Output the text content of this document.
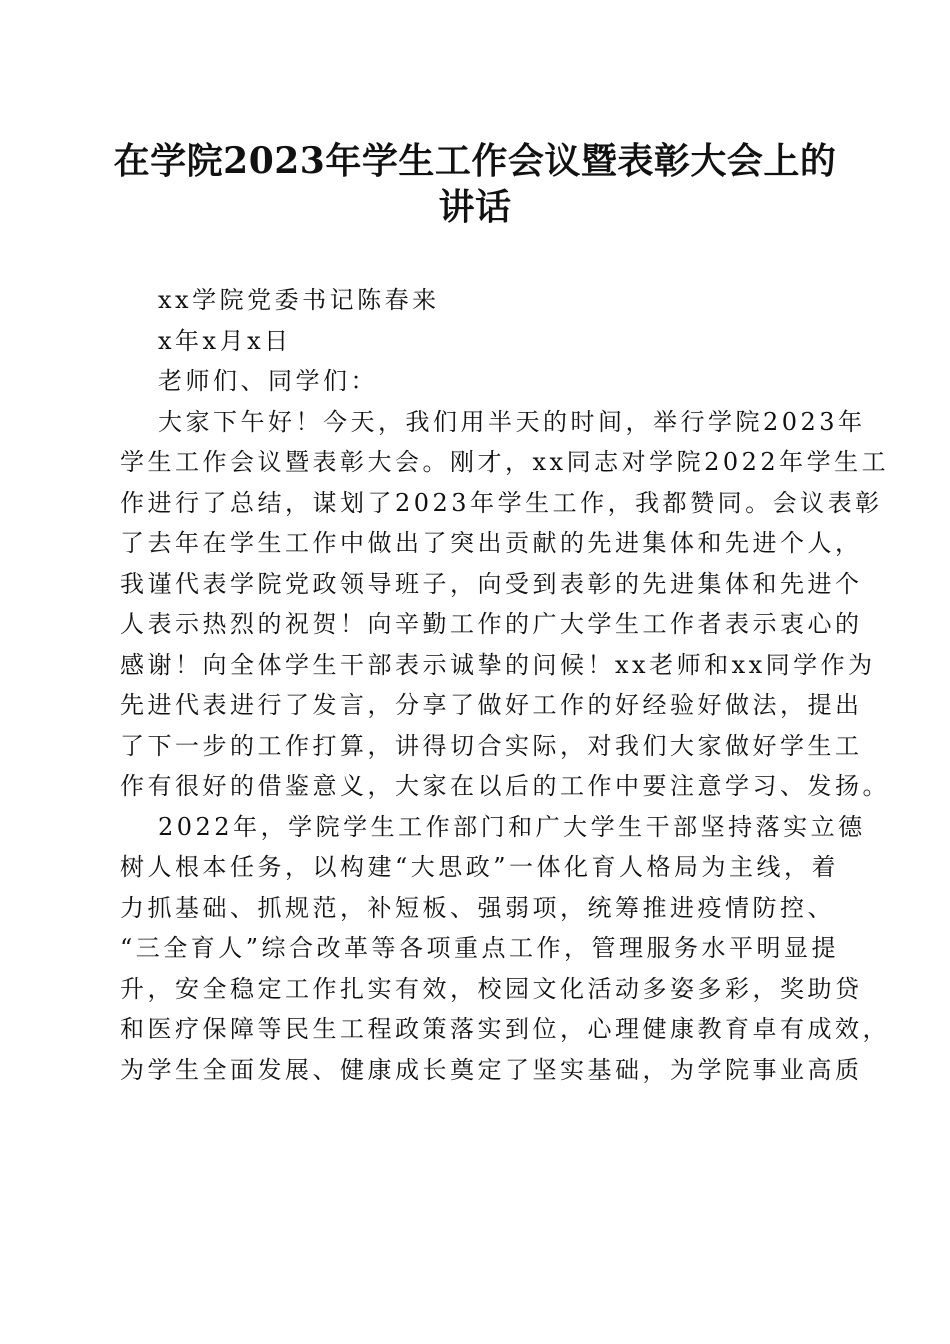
在学院2023年学生工作会议暨表彰大会上的
讲话
xx学院党委书记陈春来
x年x月x日
老师们、同学们：
大家下午好！今天，我们用半天的时间，举行学院2023年
学生工作会议暨表彰大会。刚才，xx同志对学院2022年学生工
作进行了总结，谋划了2023年学生工作，我都赞同。会议表彰
了去年在学生工作中做出了突出贡献的先进集体和先进个人，
我谨代表学院党政领导班子，向受到表彰的先进集体和先进个
人表示热烈的祝贺！向辛勤工作的广大学生工作者表示衷心的
感谢！向全体学生干部表示诚挚的问候！xx老师和xx同学作为
先进代表进行了发言，分享了做好工作的好经验好做法，提出
了下一步的工作打算，讲得切合实际，对我们大家做好学生工
作有很好的借鉴意义，大家在以后的工作中要注意学习、发扬。
2022年，学院学生工作部门和广大学生干部坚持落实立德
树人根本任务，以构建“大思政”一体化育人格局为主线，着
力抓基础、抓规范，补短板、强弱项，统筹推进疫情防控、
“三全育人”综合改革等各项重点工作，管理服务水平明显提
升，安全稳定工作扎实有效，校园文化活动多姿多彩，奖助贷
和医疗保障等民生工程政策落实到位，心理健康教育卓有成效，
为学生全面发展、健康成长奠定了坚实基础，为学院事业高质
